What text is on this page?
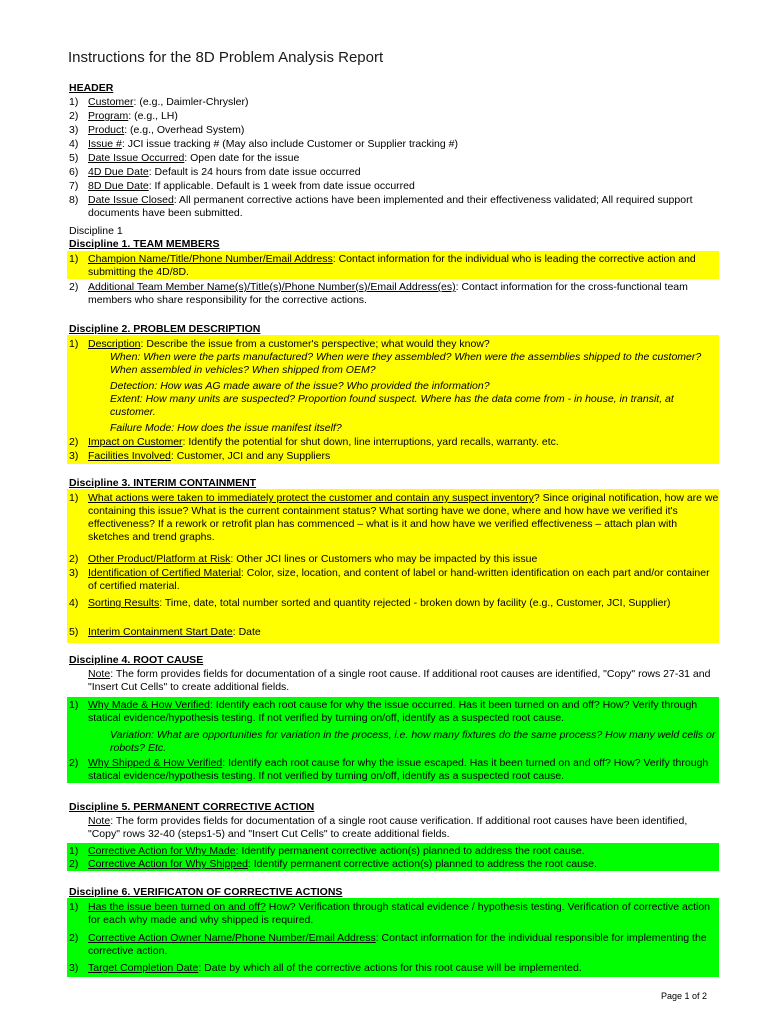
Instructions for the 8D Problem Analysis Report
HEADER
1) Customer: (e.g., Daimler-Chrysler)
2) Program: (e.g., LH)
3) Product: (e.g., Overhead System)
4) Issue #: JCI issue tracking # (May also include Customer or Supplier tracking #)
5) Date Issue Occurred: Open date for the issue
6) 4D Due Date: Default is 24 hours from date issue occurred
7) 8D Due Date: If applicable. Default is 1 week from date issue occurred
8) Date Issue Closed: All permanent corrective actions have been implemented and their effectiveness validated; All required support documents have been submitted.
Discipline 1
Discipline 1. TEAM MEMBERS
1) Champion Name/Title/Phone Number/Email Address: Contact information for the individual who is leading the corrective action and submitting the 4D/8D.
2) Additional Team Member Name(s)/Title(s)/Phone Number(s)/Email Address(es): Contact information for the cross-functional team members who share responsibility for the corrective actions.
Discipline 2. PROBLEM DESCRIPTION
1) Description: Describe the issue from a customer's perspective; what would they know?
When: When were the parts manufactured? When were they assembled? When were the assemblies shipped to the customer? When assembled in vehicles? When shipped from OEM?
Detection: How was AG made aware of the issue? Who provided the information?
Extent: How many units are suspected? Proportion found suspect. Where has the data come from - in house, in transit, at customer.
Failure Mode: How does the issue manifest itself?
2) Impact on Customer: Identify the potential for shut down, line interruptions, yard recalls, warranty. etc.
3) Facilities Involved: Customer, JCI and any Suppliers
Discipline 3. INTERIM CONTAINMENT
1) What actions were taken to immediately protect the customer and contain any suspect inventory? Since original notification, how are we containing this issue? What is the current containment status? What sorting have we done, where and how have we verified it's effectiveness? If a rework or retrofit plan has commenced – what is it and how have we verified effectiveness – attach plan with sketches and trend graphs.
2) Other Product/Platform at Risk: Other JCI lines or Customers who may be impacted by this issue
3) Identification of Certified Material: Color, size, location, and content of label or hand-written identification on each part and/or container of certified material.
4) Sorting Results: Time, date, total number sorted and quantity rejected - broken down by facility (e.g., Customer, JCI, Supplier)
5) Interim Containment Start Date: Date
Discipline 4. ROOT CAUSE
Note: The form provides fields for documentation of a single root cause. If additional root causes are identified, "Copy" rows 27-31 and "Insert Cut Cells" to create additional fields.
1) Why Made & How Verified: Identify each root cause for why the issue occurred. Has it been turned on and off? How? Verify through statical evidence/hypothesis testing. If not verified by turning on/off, identify as a suspected root cause.
Variation: What are opportunities for variation in the process, i.e. how many fixtures do the same process? How many weld cells or robots? Etc.
2) Why Shipped & How Verified: Identify each root cause for why the issue escaped. Has it been turned on and off? How? Verify through statical evidence/hypothesis testing. If not verified by turning on/off, identify as a suspected root cause.
Discipline 5. PERMANENT CORRECTIVE ACTION
Note: The form provides fields for documentation of a single root cause verification. If additional root causes have been identified, "Copy" rows 32-40 (steps1-5) and "Insert Cut Cells" to create additional fields.
1) Corrective Action for Why Made: Identify permanent corrective action(s) planned to address the root cause.
2) Corrective Action for Why Shipped: Identify permanent corrective action(s) planned to address the root cause.
Discipline 6. VERIFICATON OF CORRECTIVE ACTIONS
1) Has the issue been turned on and off? How? Verification through statical evidence / hypothesis testing. Verification of corrective action for each why made and why shipped is required.
2) Corrective Action Owner Name/Phone Number/Email Address: Contact information for the individual responsible for implementing the corrective action.
3) Target Completion Date: Date by which all of the corrective actions for this root cause will be implemented.
Page 1 of 2
